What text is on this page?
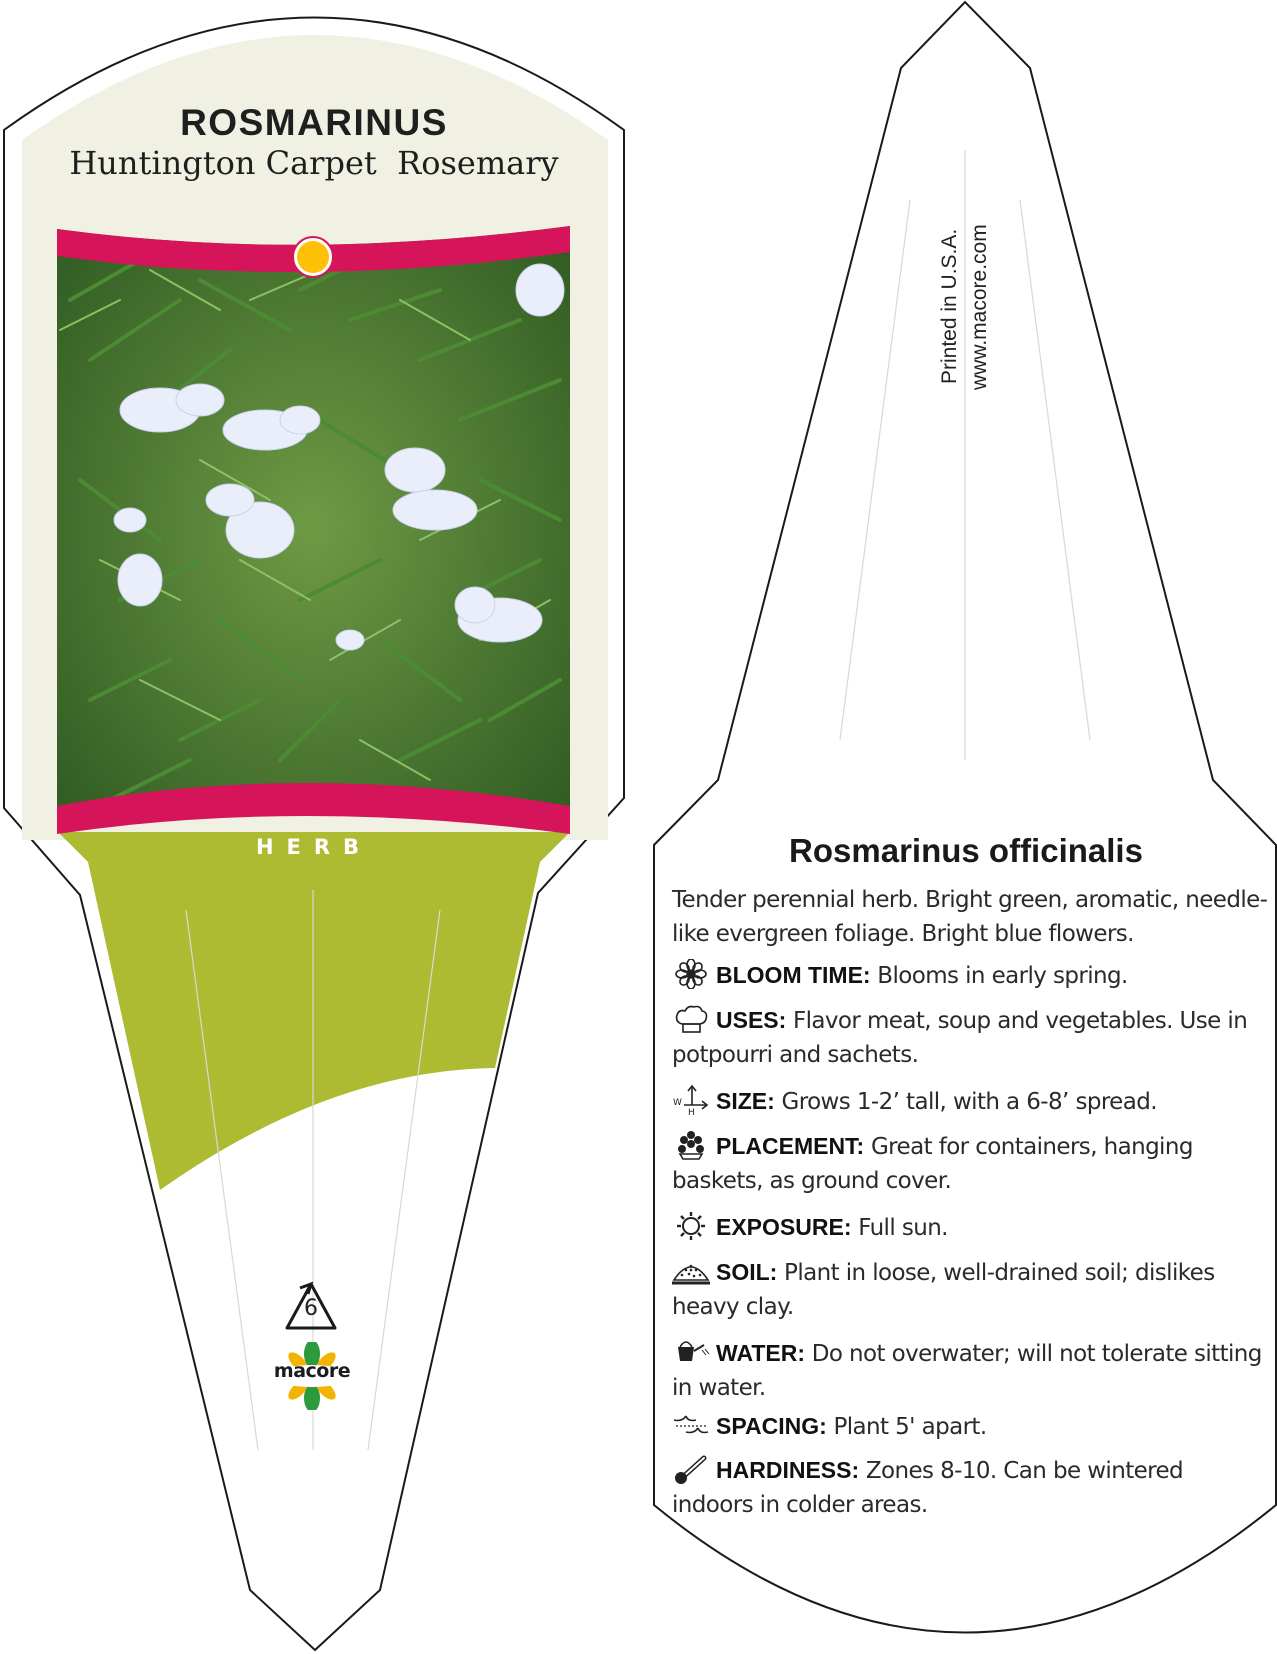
ROSMARINUS
Huntington Carpet  Rosemary
HERB
6
macore
Printed in U.S.A. www.macore.com
Rosmarinus officinalis
Tender perennial herb. Bright green, aromatic, needle-like evergreen foliage. Bright blue flowers.
BLOOM TIME: Blooms in early spring.
USES: Flavor meat, soup and vegetables. Use in potpourri and sachets.
W
H SIZE: Grows 1-2’ tall, with a 6-8’ spread.
PLACEMENT: Great for containers, hanging baskets, as ground cover.
EXPOSURE: Full sun.
SOIL: Plant in loose, well-drained soil; dislikes heavy clay.
WATER: Do not overwater; will not tolerate sitting in water.
SPACING: Plant 5' apart.
HARDINESS: Zones 8-10. Can be wintered indoors in colder areas.
